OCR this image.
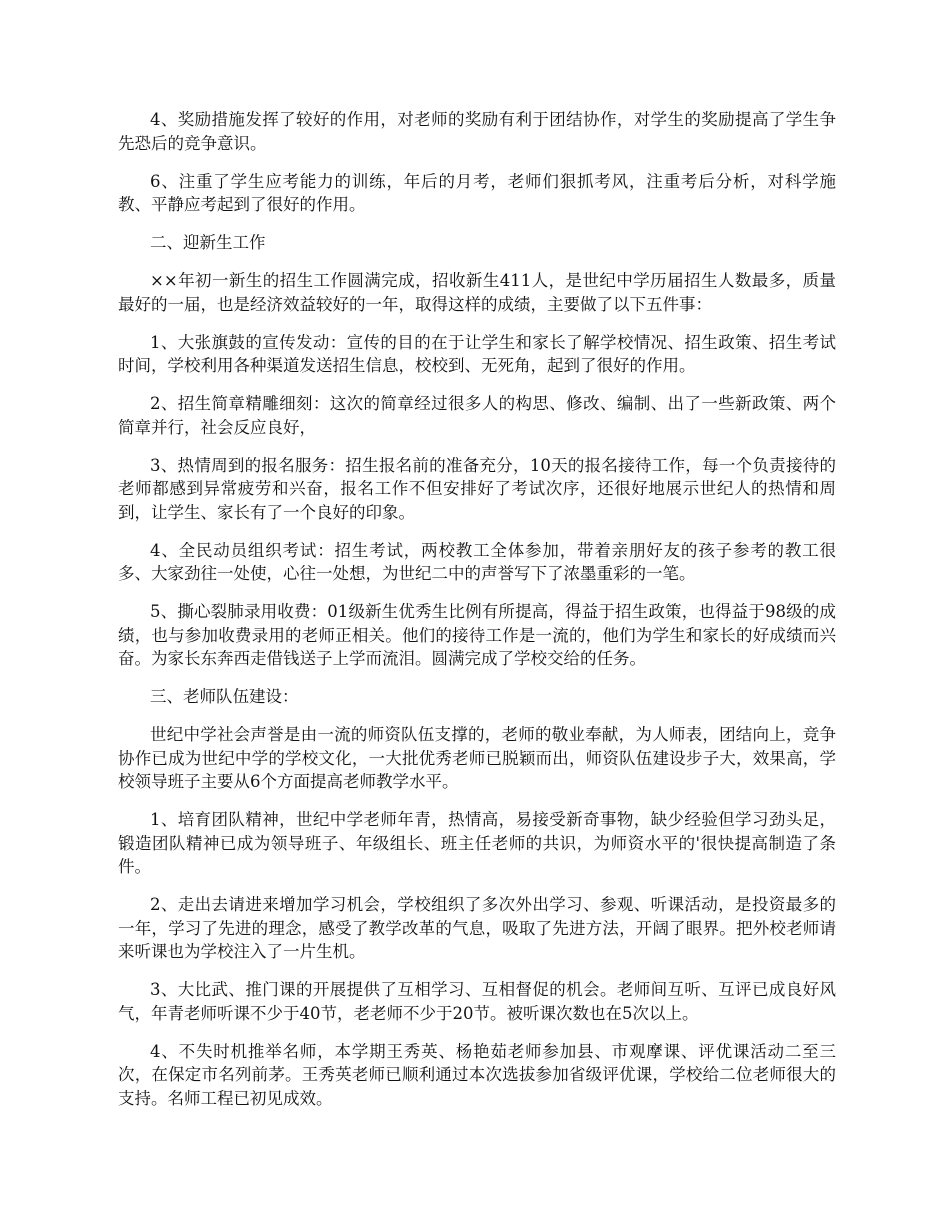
4、奖励措施发挥了较好的作用，对老师的奖励有利于团结协作，对学生的奖励提高了学生争先恐后的竞争意识。

6、注重了学生应考能力的训练，年后的月考，老师们狠抓考风，注重考后分析，对科学施教、平静应考起到了很好的作用。

二、迎新生工作

××年初一新生的招生工作圆满完成，招收新生411人，是世纪中学历届招生人数最多，质量最好的一届，也是经济效益较好的一年，取得这样的成绩，主要做了以下五件事：

1、大张旗鼓的宣传发动：宣传的目的在于让学生和家长了解学校情况、招生政策、招生考试时间，学校利用各种渠道发送招生信息，校校到、无死角，起到了很好的作用。

2、招生简章精雕细刻：这次的简章经过很多人的构思、修改、编制、出了一些新政策、两个简章并行，社会反应良好，

3、热情周到的报名服务：招生报名前的准备充分，10天的报名接待工作，每一个负责接待的老师都感到异常疲劳和兴奋，报名工作不但安排好了考试次序，还很好地展示世纪人的热情和周到，让学生、家长有了一个良好的印象。

4、全民动员组织考试：招生考试，两校教工全体参加，带着亲朋好友的孩子参考的教工很多、大家劲往一处使，心往一处想，为世纪二中的声誉写下了浓墨重彩的一笔。

5、撕心裂肺录用收费：01级新生优秀生比例有所提高，得益于招生政策，也得益于98级的成绩，也与参加收费录用的老师正相关。他们的接待工作是一流的，他们为学生和家长的好成绩而兴奋。为家长东奔西走借钱送子上学而流泪。圆满完成了学校交给的任务。

三、老师队伍建设：

世纪中学社会声誉是由一流的师资队伍支撑的，老师的敬业奉献，为人师表，团结向上，竞争协作已成为世纪中学的学校文化，一大批优秀老师已脱颖而出，师资队伍建设步子大，效果高，学校领导班子主要从6个方面提高老师教学水平。

1、培育团队精神，世纪中学老师年青，热情高，易接受新奇事物，缺少经验但学习劲头足，锻造团队精神已成为领导班子、年级组长、班主任老师的共识，为师资水平的'很快提高制造了条件。

2、走出去请进来增加学习机会，学校组织了多次外出学习、参观、听课活动，是投资最多的一年，学习了先进的理念，感受了教学改革的气息，吸取了先进方法，开阔了眼界。把外校老师请来听课也为学校注入了一片生机。

3、大比武、推门课的开展提供了互相学习、互相督促的机会。老师间互听、互评已成良好风气，年青老师听课不少于40节，老老师不少于20节。被听课次数也在5次以上。

4、不失时机推举名师，本学期王秀英、杨艳茹老师参加县、市观摩课、评优课活动二至三次，在保定市名列前茅。王秀英老师已顺利通过本次选拔参加省级评优课，学校给二位老师很大的支持。名师工程已初见成效。
